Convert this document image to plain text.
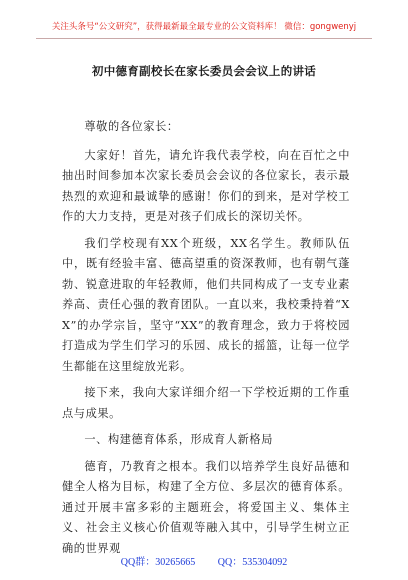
关注头条号“公文研究”，获得最新最全最专业的公文资料库！ 微信：gongwenyj
初中德育副校长在家长委员会会议上的讲话

尊敬的各位家长：

大家好！首先，请允许我代表学校，向在百忙之中抽出时间参加本次家长委员会会议的各位家长，表示最热烈的欢迎和最诚挚的感谢！你们的到来，是对学校工作的大力支持，更是对孩子们成长的深切关怀。

我们学校现有XX个班级，XX名学生。教师队伍中，既有经验丰富、德高望重的资深教师，也有朝气蓬勃、锐意进取的年轻教师，他们共同构成了一支专业素养高、责任心强的教育团队。一直以来，我校秉持着“XX”的办学宗旨，坚守“XX”的教育理念，致力于将校园打造成为学生们学习的乐园、成长的摇篮，让每一位学生都能在这里绽放光彩。

接下来，我向大家详细介绍一下学校近期的工作重点与成果。

一、构建德育体系，形成育人新格局

德育，乃教育之根本。我们以培养学生良好品德和健全人格为目标，构建了全方位、多层次的德育体系。通过开展丰富多彩的主题班会，将爱国主义、集体主义、社会主义核心价值观等融入其中，引导学生树立正确的世界观

QQ群：30265665 QQ：535304092
